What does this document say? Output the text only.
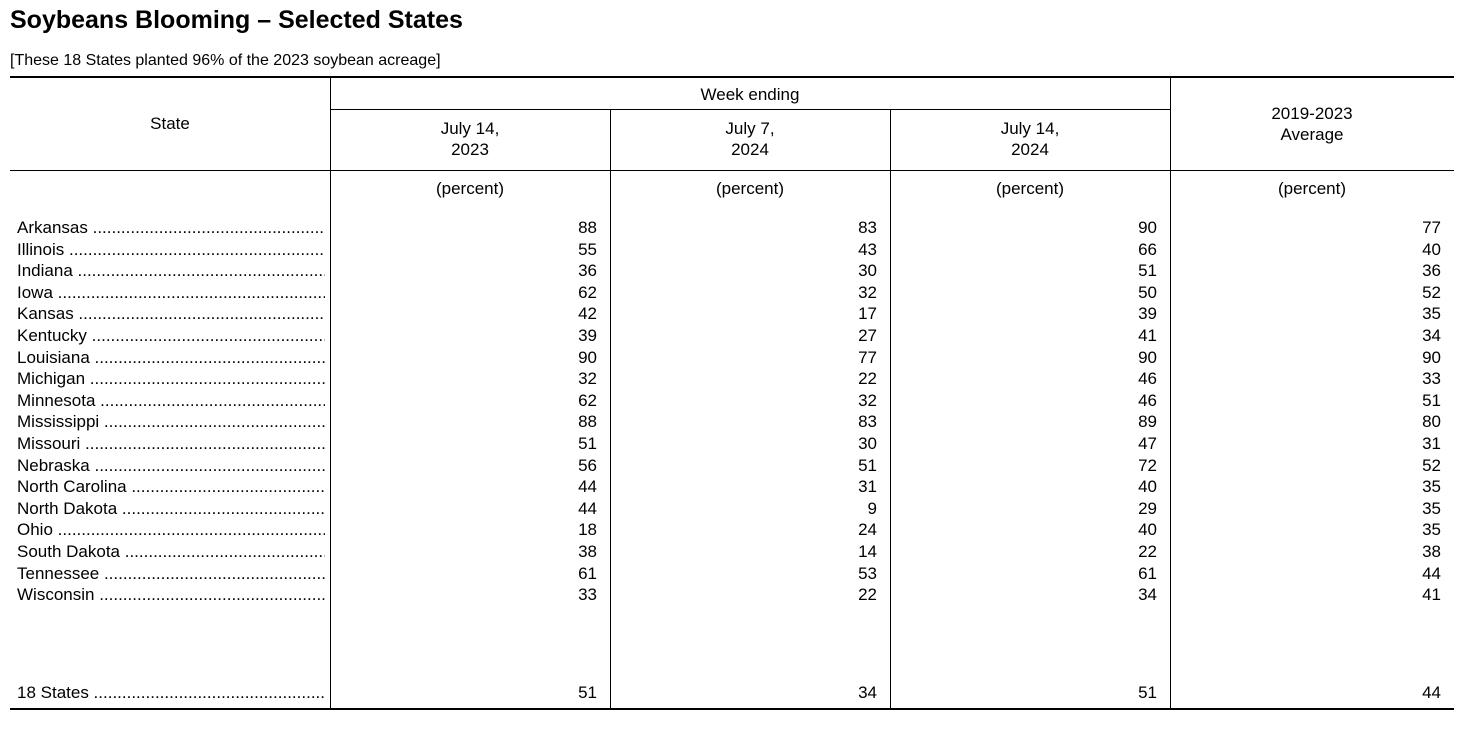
Soybeans Blooming – Selected States
[These 18 States planted 96% of the 2023 soybean acreage]
State
Week ending
July 14,
2023
July 7,
2024
July 14,
2024
2019-2023
Average
(percent)	(percent)	(percent)	(percent)
Arkansas .....	88	83	90	77
Illinois .....	55	43	66	40
Indiana .....	36	30	51	36
Iowa .....	62	32	50	52
Kansas .....	42	17	39	35
Kentucky .....	39	27	41	34
Louisiana .....	90	77	90	90
Michigan .....	32	22	46	33
Minnesota .....	62	32	46	51
Mississippi .....	88	83	89	80
Missouri .....	51	30	47	31
Nebraska .....	56	51	72	52
North Carolina .....	44	31	40	35
North Dakota .....	44	9	29	35
Ohio .....	18	24	40	35
South Dakota .....	38	14	22	38
Tennessee .....	61	53	61	44
Wisconsin .....	33	22	34	41
18 States .....	51	34	51	44
